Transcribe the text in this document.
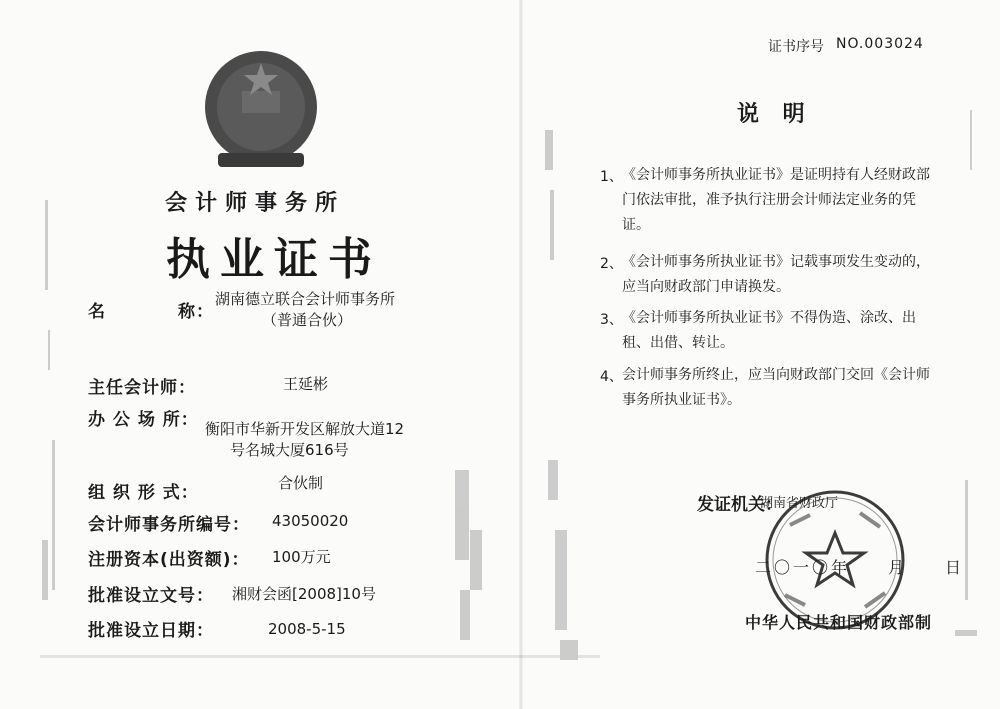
会计师事务所
执业证书
名　　　　称：
湖南德立联合会计师事务所
（普通合伙）
主任会计师：	王延彬
办 公 场 所： 衡阳市华新开发区解放大道12
号名城大厦616号
组 织 形 式：	合伙制
会计师事务所编号： 43050020
注册资本(出资额)： 100万元
批准设立文号： 湘财会函[2008]10号
批准设立日期：	2008-5-15
证书序号 NO.003024
说 明
1、 《会计师事务所执业证书》是证明持有人经财政部门依法审批，准予执行注册会计师法定业务的凭证。
2、 《会计师事务所执业证书》记载事项发生变动的，应当向财政部门申请换发。
3、 《会计师事务所执业证书》不得伪造、涂改、出租、出借、转让。
4、 会计师事务所终止，应当向财政部门交回《会计师事务所执业证书》。
发证机关：
湖南省财政厅
二〇一〇年　　月　　日
中华人民共和国财政部制
